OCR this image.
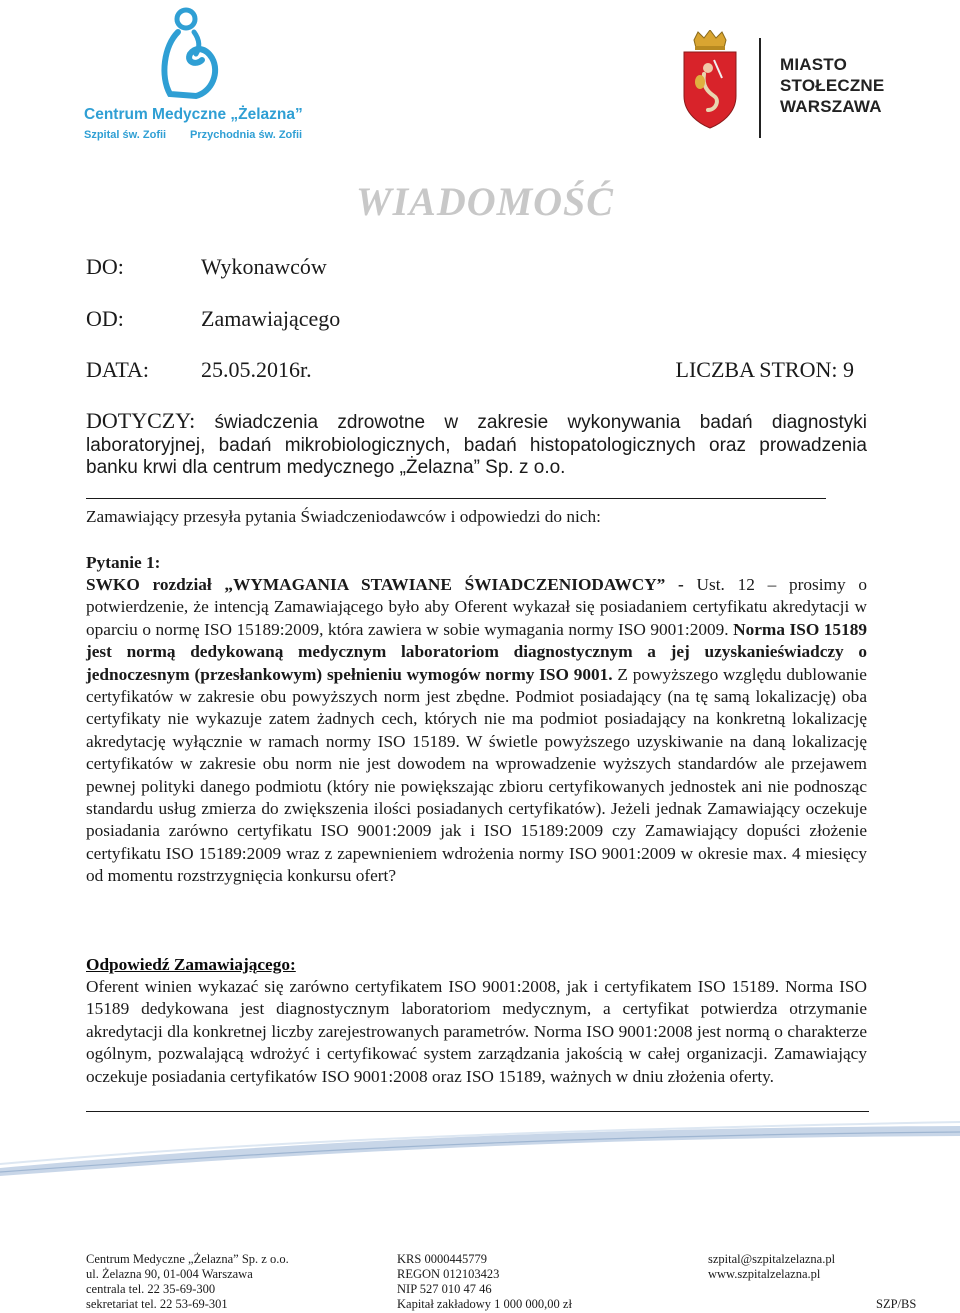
Centrum Medyczne „Żelazna”
Szpital św. Zofii Przychodnia św. Zofii
MIASTO
STOŁECZNE
WARSZAWA
WIADOMOŚĆ
DO:	Wykonawców
OD:	Zamawiającego
DATA: 25.05.2016r.	LICZBA STRON: 9
DOTYCZY: świadczenia zdrowotne w zakresie wykonywania badań diagnostyki laboratoryjnej, badań mikrobiologicznych, badań histopatologicznych oraz prowadzenia banku krwi dla centrum medycznego „Żelazna” Sp. z o.o.
Zamawiający przesyła pytania Świadczeniodawców i odpowiedzi do nich:
Pytanie 1:
SWKO rozdział „WYMAGANIA STAWIANE ŚWIADCZENIODAWCY” - Ust. 12 – prosimy o potwierdzenie, że intencją Zamawiającego było aby Oferent wykazał się posiadaniem certyfikatu akredytacji w oparciu o normę ISO 15189:2009, która zawiera w sobie wymagania normy ISO 9001:2009. Norma ISO 15189 jest normą dedykowaną medycznym laboratoriom diagnostycznym a jej uzyskanieświadczy o jednoczesnym (przesłankowym) spełnieniu wymogów normy ISO 9001. Z powyższego względu dublowanie certyfikatów w zakresie obu powyższych norm jest zbędne. Podmiot posiadający (na tę samą lokalizację) oba certyfikaty nie wykazuje zatem żadnych cech, których nie ma podmiot posiadający na konkretną lokalizację akredytację wyłącznie w ramach normy ISO 15189. W świetle powyższego uzyskiwanie na daną lokalizację certyfikatów w zakresie obu norm nie jest dowodem na wprowadzenie wyższych standardów ale przejawem pewnej polityki danego podmiotu (który nie powiększając zbioru certyfikowanych jednostek ani nie podnosząc standardu usług zmierza do zwiększenia ilości posiadanych certyfikatów). Jeżeli jednak Zamawiający oczekuje posiadania zarówno certyfikatu ISO 9001:2009 jak i ISO 15189:2009 czy Zamawiający dopuści złożenie certyfikatu ISO 15189:2009 wraz z zapewnieniem wdrożenia normy ISO 9001:2009 w okresie max. 4 miesięcy od momentu rozstrzygnięcia konkursu ofert?
Odpowiedź Zamawiającego:
Oferent winien wykazać się zarówno certyfikatem ISO 9001:2008, jak i certyfikatem ISO 15189. Norma ISO 15189 dedykowana jest diagnostycznym laboratoriom medycznym, a certyfikat potwierdza otrzymanie akredytacji dla konkretnej liczby zarejestrowanych parametrów. Norma ISO 9001:2008 jest normą o charakterze ogólnym, pozwalającą wdrożyć i certyfikować system zarządzania jakością w całej organizacji. Zamawiający oczekuje posiadania certyfikatów ISO 9001:2008 oraz ISO 15189, ważnych w dniu złożenia oferty.
Centrum Medyczne „Żelazna” Sp. z o.o.
ul. Żelazna 90, 01-004 Warszawa
centrala tel. 22 35-69-300
sekretariat tel. 22 53-69-301
KRS 0000445779
REGON 012103423
NIP 527 010 47 46
Kapitał zakładowy 1 000 000,00 zł
szpital@szpitalzelazna.pl
www.szpitalzelazna.pl
SZP/BS
